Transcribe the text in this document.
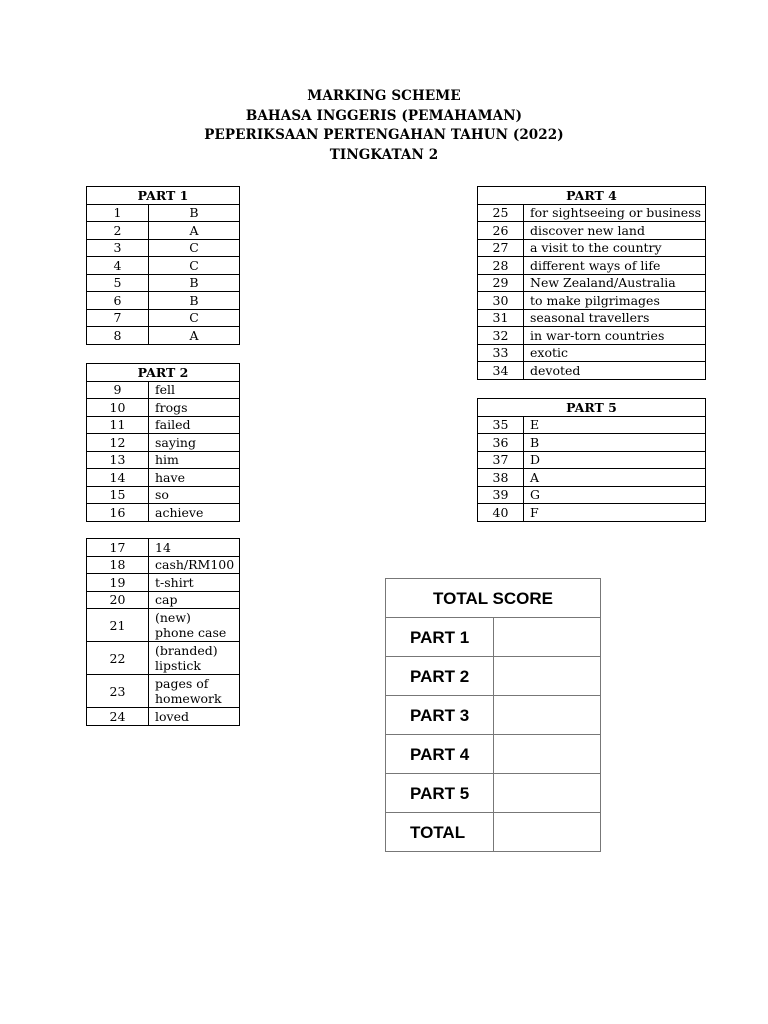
MARKING SCHEME
BAHASA INGGERIS (PEMAHAMAN)
PEPERIKSAAN PERTENGAHAN TAHUN (2022)
TINGKATAN 2
PART 1	
1	B
2	A
3	C
4	C
5	B
6	B
7	C
8	A
PART 2	
9	fell
10	frogs
11	failed
12	saying
13	him
14	have
15	so
16	achieve
17	14
18	cash/RM100
19	t-shirt
20	cap
21	(new) phone case
22	(branded) lipstick
23	pages of homework
24	loved
PART 4	
25	for sightseeing or business
26	discover new land
27	a visit to the country
28	different ways of life
29	New Zealand/Australia
30	to make pilgrimages
31	seasonal travellers
32	in war-torn countries
33	exotic
34	devoted
PART 5	
35	E
36	B
37	D
38	A
39	G
40	F
TOTAL SCORE	
PART 1	
PART 2	
PART 3	
PART 4	
PART 5	
TOTAL	
